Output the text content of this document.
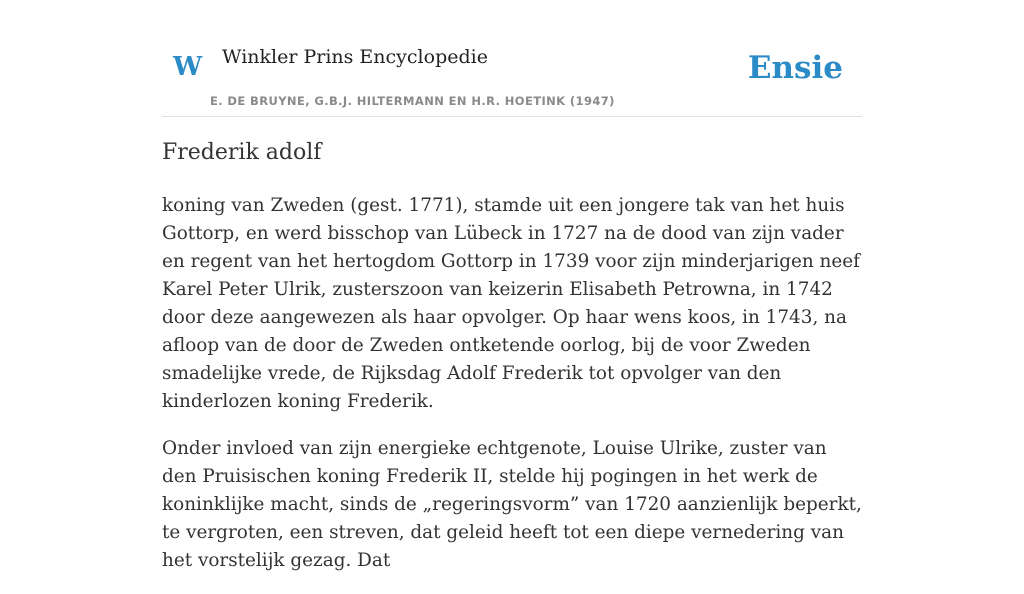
W Winkler Prins Encyclopedie
E. DE BRUYNE, G.B.J. HILTERMANN EN H.R. HOETINK (1947)
Ensie
Frederik adolf

koning van Zweden (gest. 1771), stamde uit een jongere tak van het huis Gottorp, en werd bisschop van Lübeck in 1727 na de dood van zijn vader en regent van het hertogdom Gottorp in 1739 voor zijn minderjarigen neef Karel Peter Ulrik, zusterszoon van keizerin Elisabeth Petrowna, in 1742 door deze aangewezen als haar opvolger. Op haar wens koos, in 1743, na afloop van de door de Zweden ontketende oorlog, bij de voor Zweden smadelijke vrede, de Rijksdag Adolf Frederik tot opvolger van den kinderlozen koning Frederik.

Onder invloed van zijn energieke echtgenote, Louise Ulrike, zuster van den Pruisischen koning Frederik II, stelde hij pogingen in het werk de koninklijke macht, sinds de „regeringsvorm” van 1720 aanzienlijk beperkt, te vergroten, een streven, dat geleid heeft tot een diepe vernedering van het vorstelijk gezag. Dat
